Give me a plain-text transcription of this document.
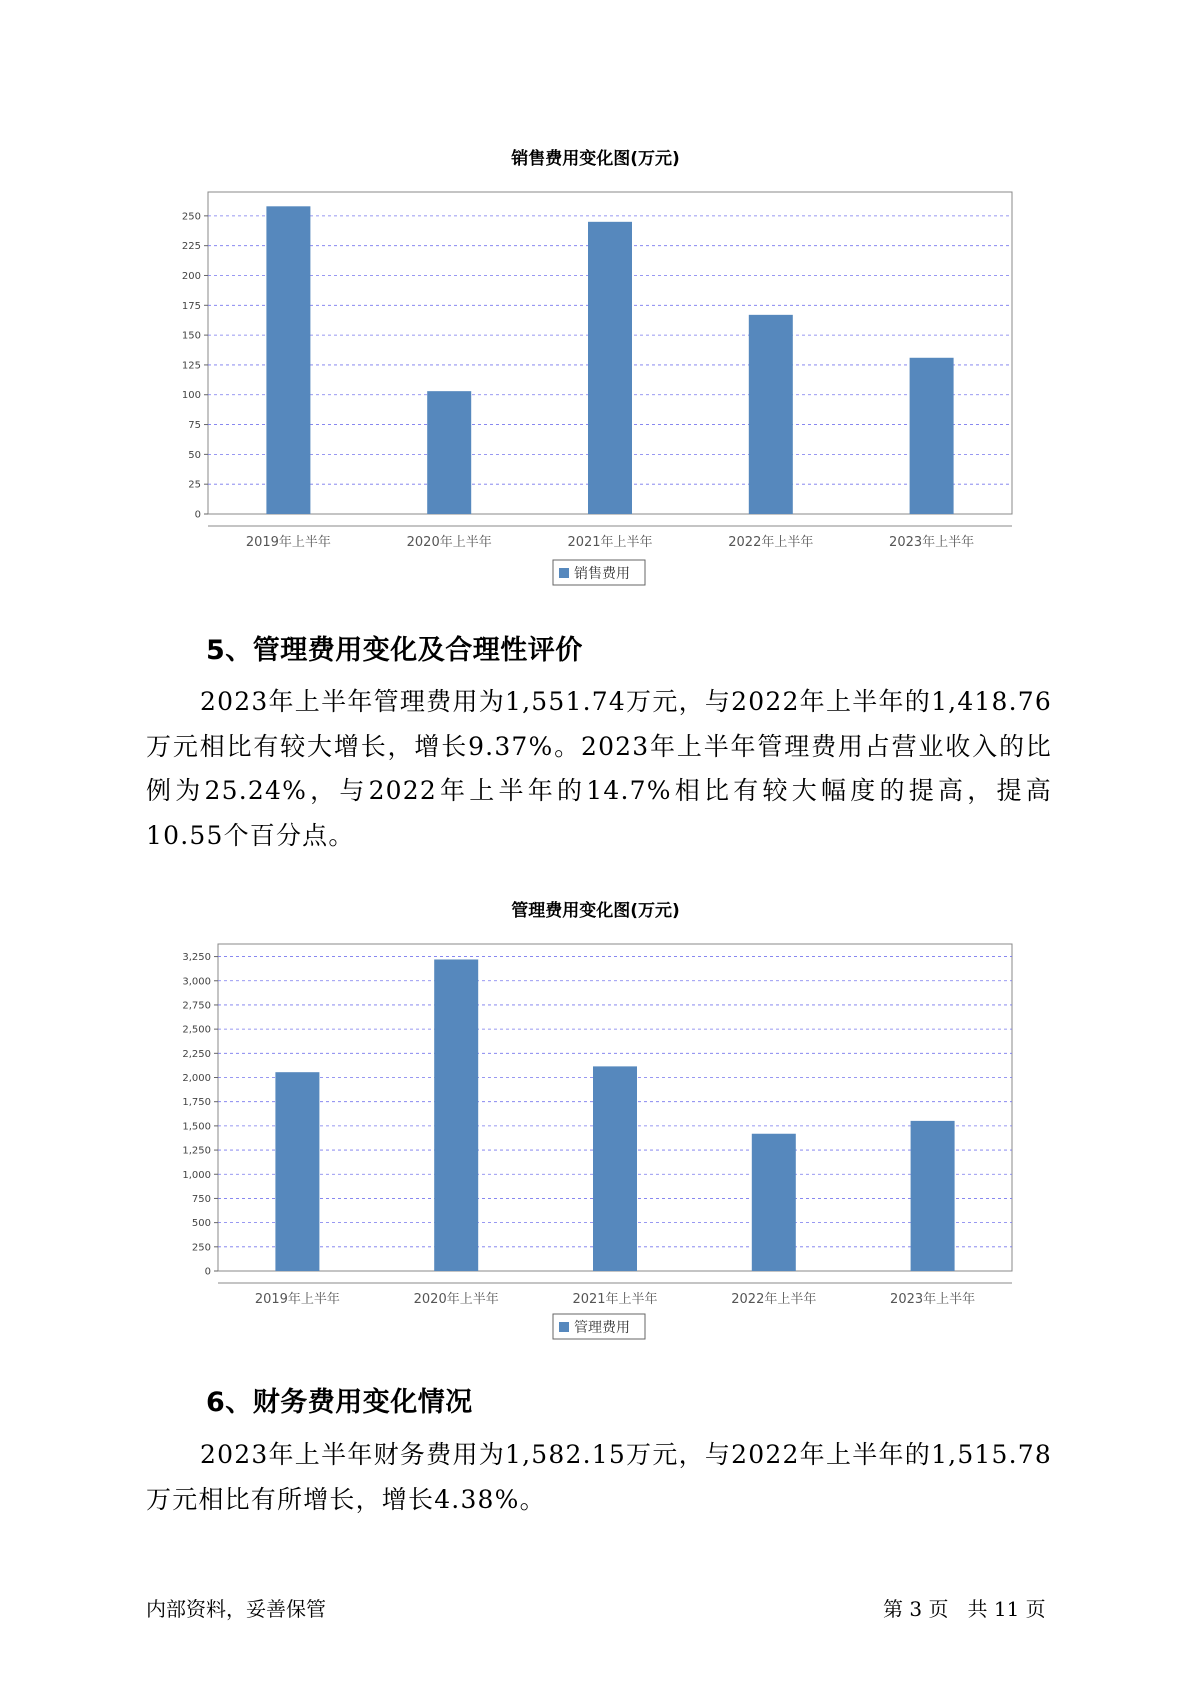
销售费用变化图(万元)
0
25
50
75
100
125
150
175
200
225
250
2019年上半年	2020年上半年	2021年上半年	2022年上半年	2023年上半年
销售费用
5、管理费用变化及合理性评价

2023年上半年管理费用为1,551.74万元，与2022年上半年的1,418.76万元相比有较大增长，增长9.37%。2023年上半年管理费用占营业收入的比例为25.24%，与2022年上半年的14.7%相比有较大幅度的提高，提高10.55个百分点。

管理费用变化图(万元)
0
250
500
750
1,000
1,250
1,500
1,750
2,000
2,250
2,500
2,750
3,000
3,250
2019年上半年	2020年上半年	2021年上半年	2022年上半年	2023年上半年
管理费用
6、财务费用变化情况

2023年上半年财务费用为1,582.15万元，与2022年上半年的1,515.78万元相比有所增长，增长4.38%。

内部资料，妥善保管	第 3 页   共 11 页
